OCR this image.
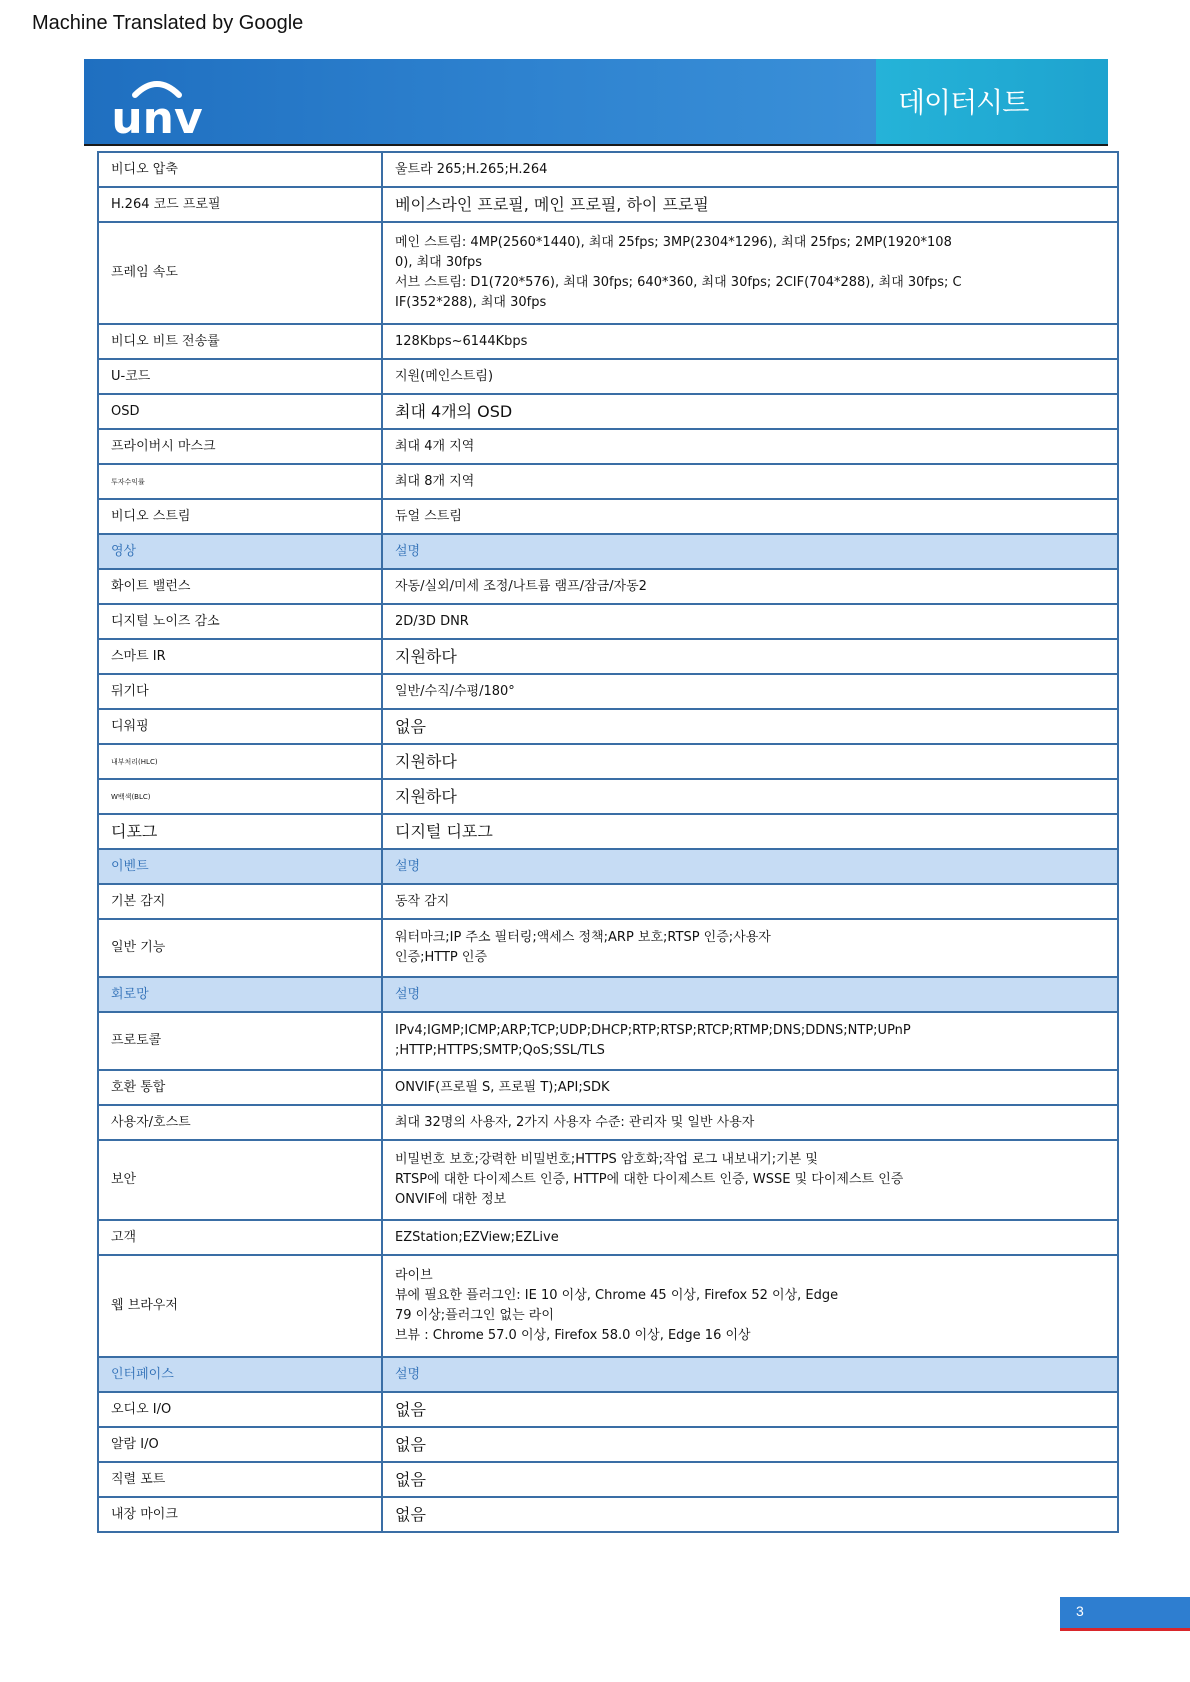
Machine Translated by Google
unv	데이터시트
비디오 압축	울트라 265;H.265;H.264

H.264 코드 프로필	베이스라인 프로필, 메인 프로필, 하이 프로필

프레임 속도	메인 스트림: 4MP(2560*1440), 최대 25fps; 3MP(2304*1296), 최대 25fps; 2MP(1920*108
0), 최대 30fps
서브 스트림: D1(720*576), 최대 30fps; 640*360, 최대 30fps; 2CIF(704*288), 최대 30fps; C
IF(352*288), 최대 30fps

비디오 비트 전송률	128Kbps~6144Kbps

U-코드	지원(메인스트림)

OSD	최대 4개의 OSD

프라이버시 마스크	최대 4개 지역

투자수익률	최대 8개 지역

비디오 스트림	듀얼 스트림

영상	설명

화이트 밸런스	자동/실외/미세 조정/나트륨 램프/잠금/자동2

디지털 노이즈 감소	2D/3D DNR

스마트 IR	지원하다

뒤기다	일반/수직/수평/180°

디워핑	없음

내부처리(HLC)	지원하다

W백색(BLC)	지원하다

디포그	디지털 디포그

이벤트	설명

기본 감지	동작 감지

일반 기능	워터마크;IP 주소 필터링;액세스 정책;ARP 보호;RTSP 인증;사용자
인증;HTTP 인증

회로망	설명

프로토콜	IPv4;IGMP;ICMP;ARP;TCP;UDP;DHCP;RTP;RTSP;RTCP;RTMP;DNS;DDNS;NTP;UPnP
;HTTP;HTTPS;SMTP;QoS;SSL/TLS

호환 통합	ONVIF(프로필 S, 프로필 T);API;SDK

사용자/호스트	최대 32명의 사용자, 2가지 사용자 수준: 관리자 및 일반 사용자

보안	비밀번호 보호;강력한 비밀번호;HTTPS 암호화;작업 로그 내보내기;기본 및
RTSP에 대한 다이제스트 인증, HTTP에 대한 다이제스트 인증, WSSE 및 다이제스트 인증
ONVIF에 대한 정보

고객	EZStation;EZView;EZLive

웹 브라우저	라이브
뷰에 필요한 플러그인: IE 10 이상, Chrome 45 이상, Firefox 52 이상, Edge
79 이상;플러그인 없는 라이
브뷰 : Chrome 57.0 이상, Firefox 58.0 이상, Edge 16 이상

인터페이스	설명

오디오 I/O	없음

알람 I/O	없음

직렬 포트	없음

내장 마이크	없음
3
